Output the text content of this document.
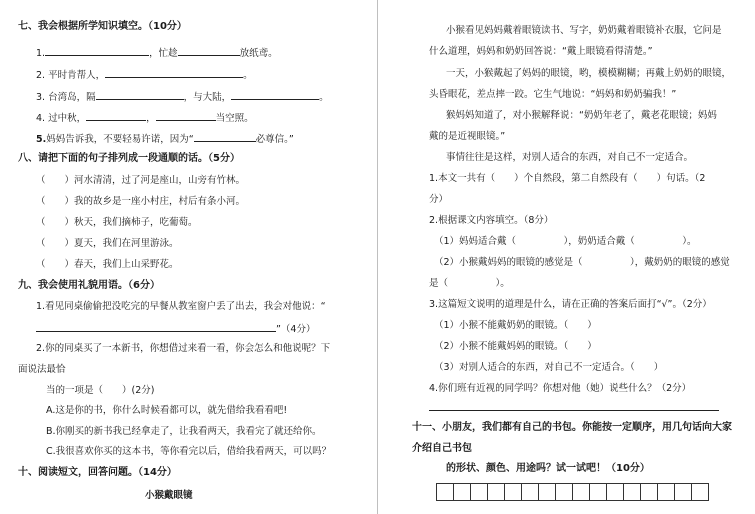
七、我会根据所学知识填空。（10分）
1.	，忙趁	放纸鸢。
2. 平时肯帮人，	。
3. 台湾岛，隔	，与大陆，	。
4. 过中秋，	，	当空照。
5.妈妈告诉我，不要轻易许诺，因为“	必尊信。”
八、请把下面的句子排列成一段通顺的话。（5分）
（　　）河水清清，过了河是座山，山旁有竹林。
（　　）我的故乡是一座小村庄，村后有条小河。
（　　）秋天，我们摘柿子，吃葡萄。
（　　）夏天，我们在河里游泳。
（　　）春天，我们上山采野花。
九、我会使用礼貌用语。（6分）
1.看见同桌偷偷把没吃完的早餐从教室窗户丢了出去，我会对他说：“
”（4分）
2.你的同桌买了一本新书，你想借过来看一看，你会怎么和他说呢？下
面说法最恰
当的一项是（　　）(2分)
A.这是你的书，你什么时候看都可以，就先借给我看看吧!
B.你刚买的新书我已经拿走了，让我看两天，我看完了就还给你。
C.我很喜欢你买的这本书，等你看完以后，借给我看两天，可以吗？
十、阅读短文，回答问题。（14分）
小猴戴眼镜
小猴看见妈妈戴着眼镜读书、写字，奶奶戴着眼镜补衣服，它问是
什么道理，妈妈和奶奶回答说：“戴上眼镜看得清楚。”
一天，小猴戴起了妈妈的眼镜，哟，模模糊糊；再戴上奶奶的眼镜，
头昏眼花，差点摔一跤。它生气地说：“妈妈和奶奶骗我！”
猴妈妈知道了，对小猴解释说：“奶奶年老了，戴老花眼镜；妈妈
戴的是近视眼镜。”
事情往往是这样，对别人适合的东西，对自己不一定适合。
1.本文一共有（　　）个自然段，第二自然段有（　　）句话。（2
分）
2.根据课文内容填空。（8分）
（1）妈妈适合戴（　　　　　），奶奶适合戴（　　　　　）。
（2）小猴戴妈妈的眼镜的感觉是（　　　　　），戴奶奶的眼镜的感觉
是（　　　　　）。
3.这篇短文说明的道理是什么，请在正确的答案后面打“√”。（2分）
（1）小猴不能戴奶奶的眼镜。（　　）
（2）小猴不能戴妈妈的眼镜。（　　）
（3）对别人适合的东西，对自己不一定适合。（　　）
4.你们班有近视的同学吗？你想对他（她）说些什么？（2分）
十一、小朋友，我们都有自己的书包。你能按一定顺序，用几句话向大家
介绍自己书包
的形状、颜色、用途吗？试一试吧！（10分）
